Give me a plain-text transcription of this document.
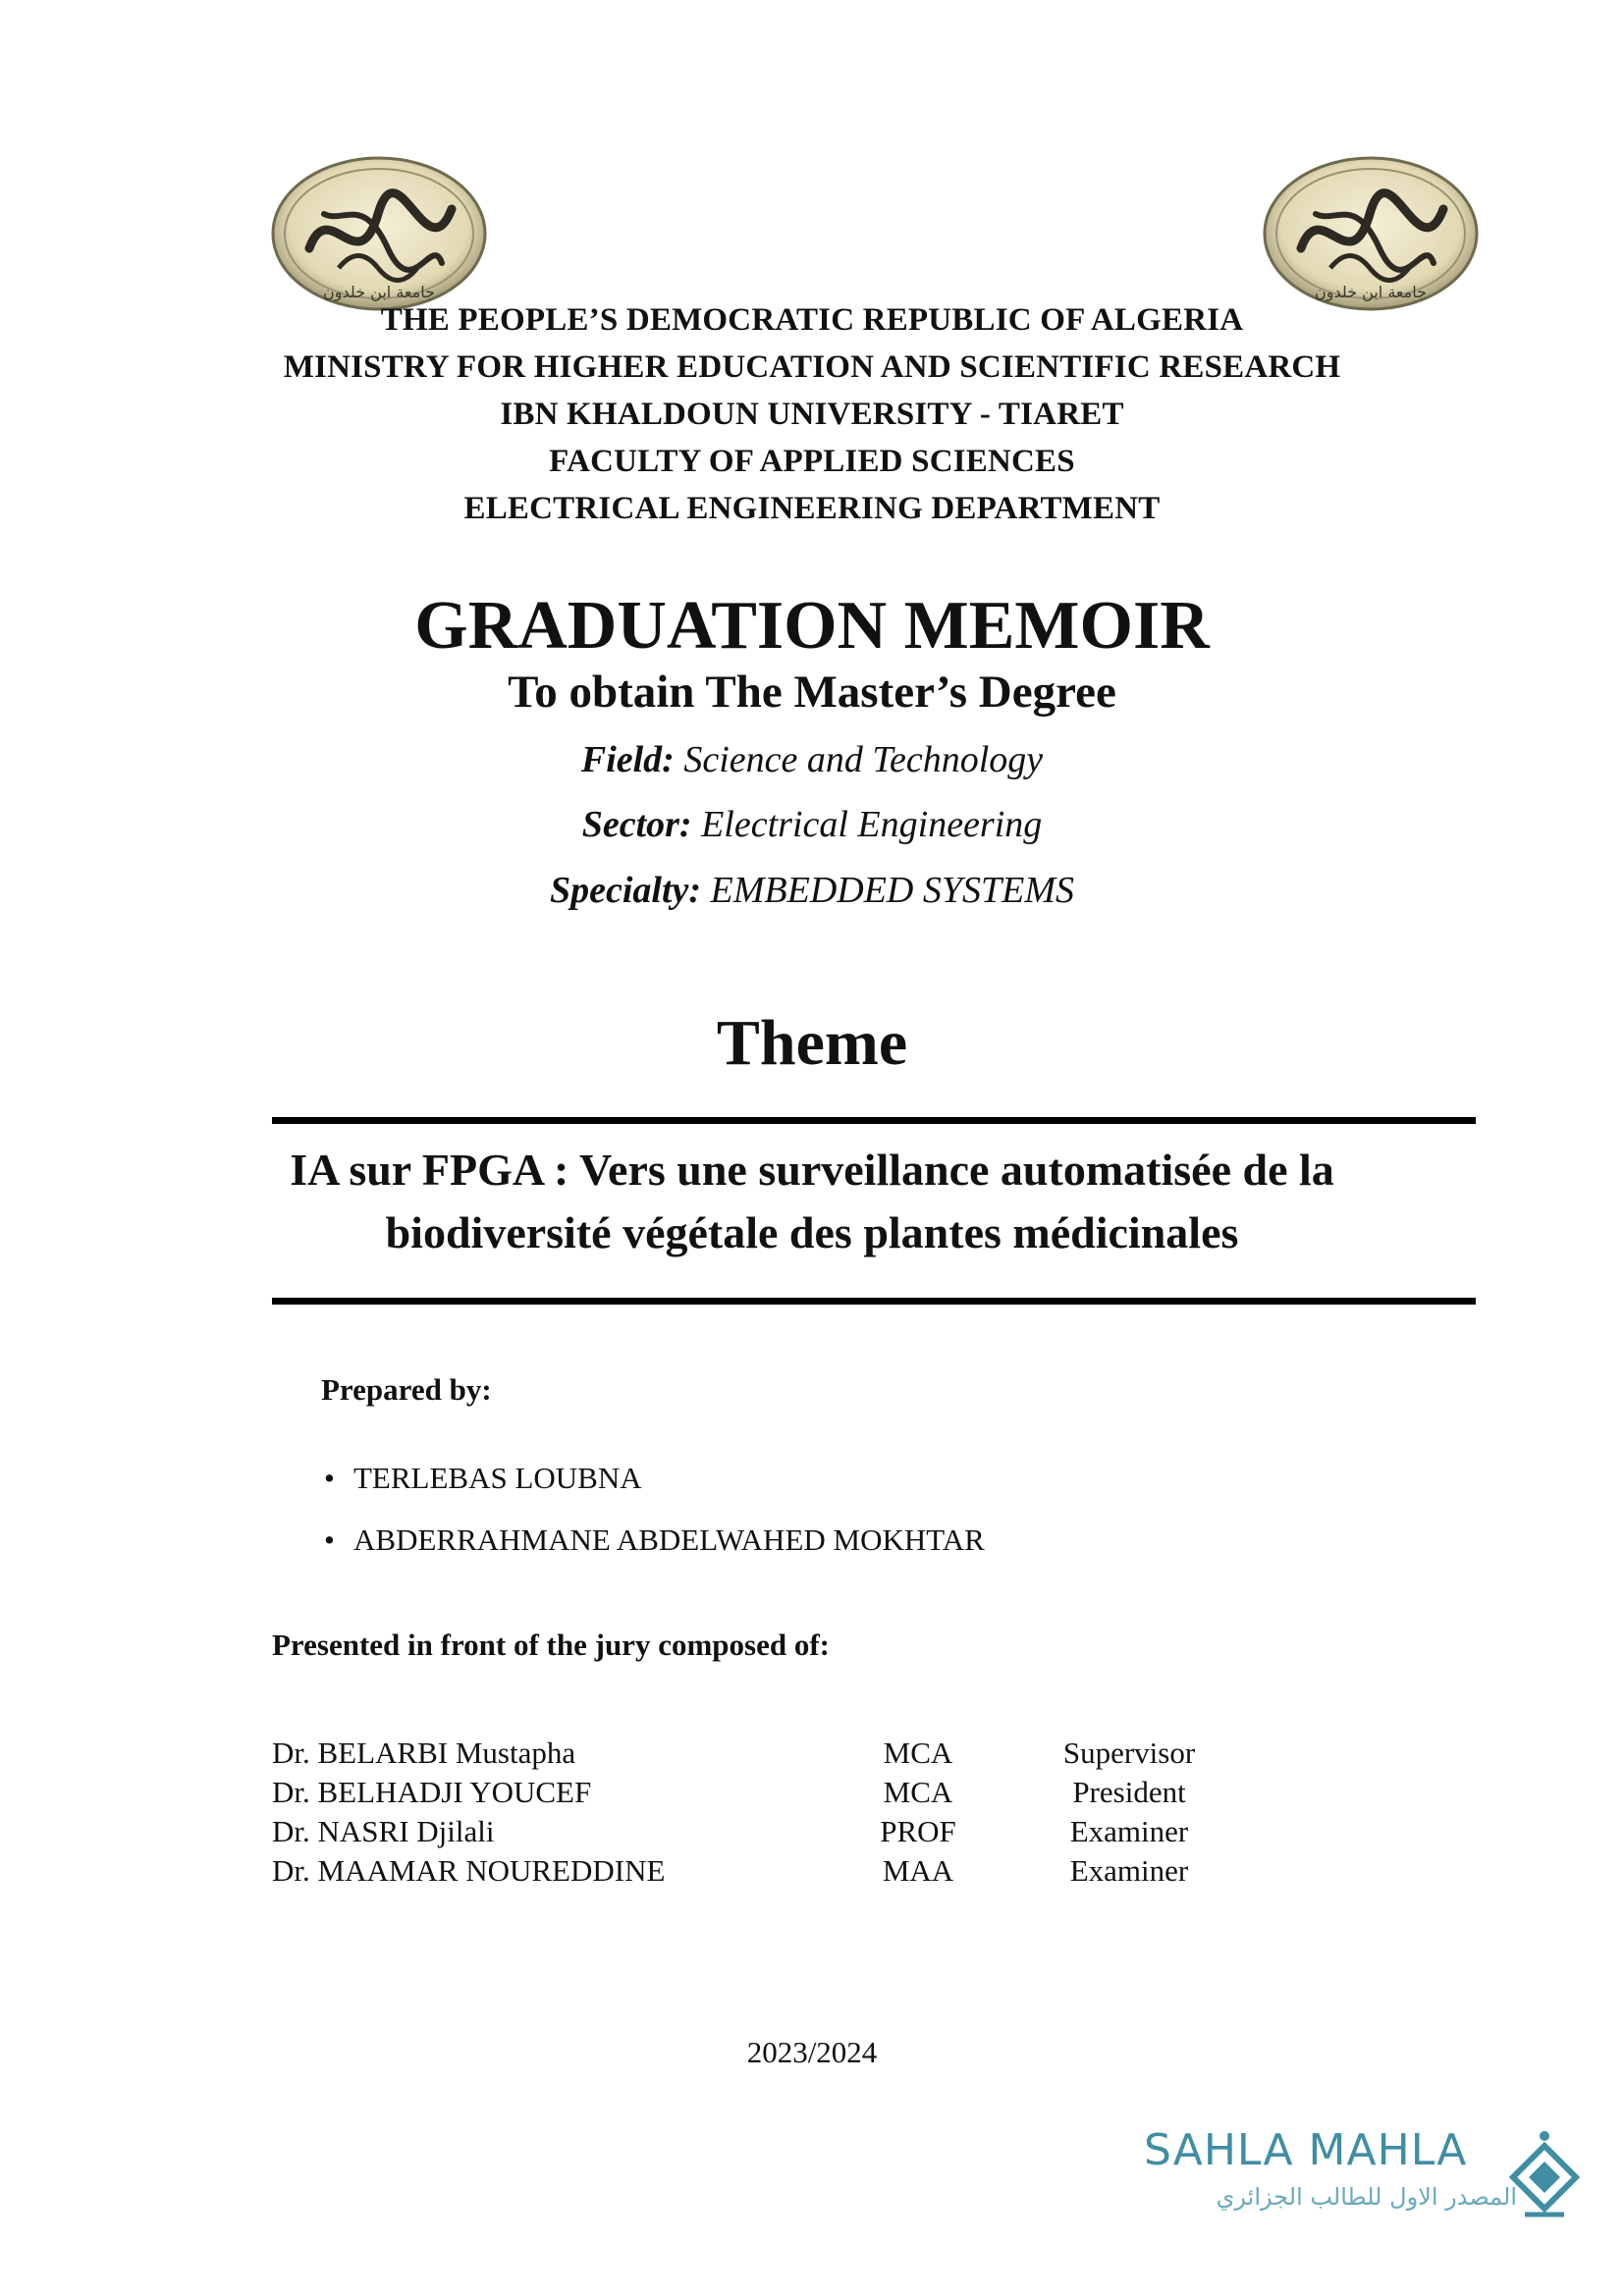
جامعة ابن خلدون	جامعة ابن خلدون
THE PEOPLE’S DEMOCRATIC REPUBLIC OF ALGERIA
MINISTRY FOR HIGHER EDUCATION AND SCIENTIFIC RESEARCH
IBN KHALDOUN UNIVERSITY - TIARET
FACULTY OF APPLIED SCIENCES
ELECTRICAL ENGINEERING DEPARTMENT
GRADUATION MEMOIR
To obtain The Master’s Degree
Field: Science and Technology
Sector: Electrical Engineering
Specialty: EMBEDDED SYSTEMS
Theme
IA sur FPGA : Vers une surveillance automatisée de la
biodiversité végétale des plantes médicinales
Prepared by:
• TERLEBAS LOUBNA
• ABDERRAHMANE ABDELWAHED MOKHTAR
Presented in front of the jury composed of:
Dr. BELARBI Mustapha	MCA	Supervisor
Dr. BELHADJI YOUCEF	MCA	President
Dr. NASRI Djilali	PROF	Examiner
Dr. MAAMAR NOUREDDINE	MAA	Examiner
2023/2024
SAHLA MAHLA
المصدر الاول للطالب الجزائري
